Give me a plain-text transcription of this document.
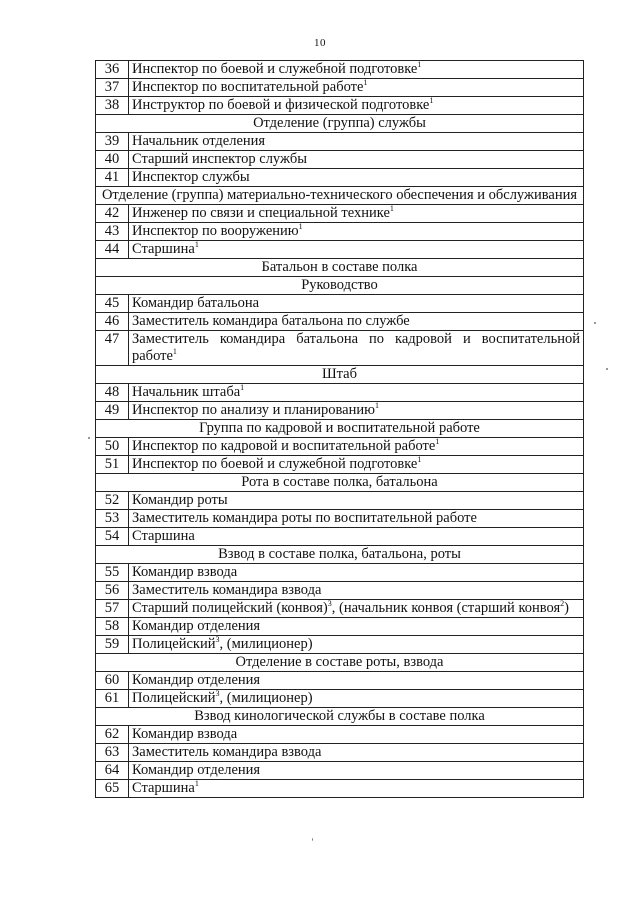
10
36	Инспектор по боевой и служебной подготовке$^1$
37	Инспектор по воспитательной работе$^1$
38	Инструктор по боевой и физической подготовке$^1$
Отделение (группа) службы	
39	Начальник отделения
40	Старший инспектор службы
41	Инспектор службы
Отделение (группа) материально-технического обеспечения и обслуживания	
42	Инженер по связи и специальной технике$^1$
43	Инспектор по вооружению$^1$
44	Старшина$^1$
Батальон в составе полка	
Руководство	
45	Командир батальона
46	Заместитель командира батальона по службе
47	Заместитель командира батальона по кадровой и воспитательной работе$^1$
Штаб	
48	Начальник штаба$^1$
49	Инспектор по анализу и планированию$^1$
Группа по кадровой и воспитательной работе	
50	Инспектор по кадровой и воспитательной работе$^1$
51	Инспектор по боевой и служебной подготовке$^1$
Рота в составе полка, батальона	
52	Командир роты
53	Заместитель командира роты по воспитательной работе
54	Старшина
Взвод в составе полка, батальона, роты	
55	Командир взвода
56	Заместитель командира взвода
57	Старший полицейский (конвоя)$^3$, (начальник конвоя (старший конвоя$^2$)
58	Командир отделения
59	Полицейский$^3$, (милиционер)
Отделение в составе роты, взвода	
60	Командир отделения
61	Полицейский$^3$, (милиционер)
Взвод кинологической службы в составе полка	
62	Командир взвода
63	Заместитель командира взвода
64	Командир отделения
65	Старшина$^1$
